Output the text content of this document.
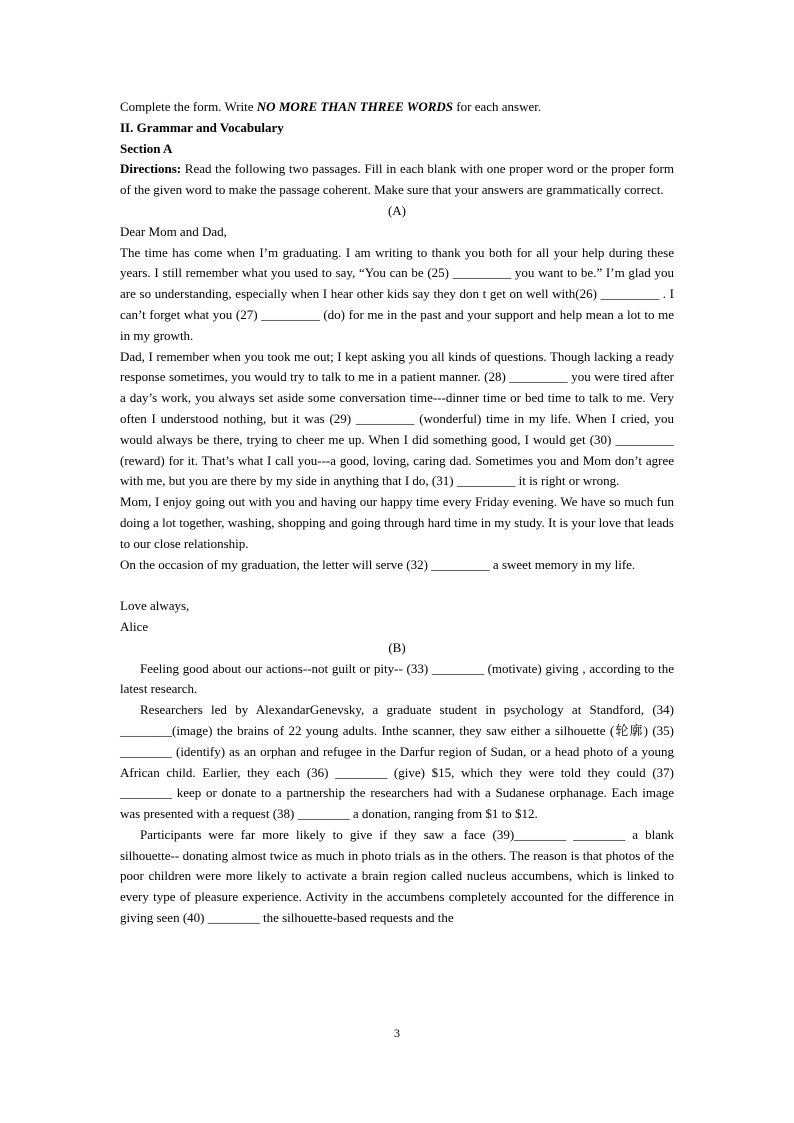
Complete the form. Write NO MORE THAN THREE WORDS for each answer.

II. Grammar and Vocabulary

Section A

Directions: Read the following two passages. Fill in each blank with one proper word or the proper form of the given word to make the passage coherent. Make sure that your answers are grammatically correct.

(A)

Dear Mom and Dad,

The time has come when I’m graduating. I am writing to thank you both for all your help during these years. I still remember what you used to say, “You can be (25) _________ you want to be.” I’m glad you are so understanding, especially when I hear other kids say they don t get on well with(26) _________ . I can’t forget what you (27) _________ (do) for me in the past and your support and help mean a lot to me in my growth.

Dad, I remember when you took me out; I kept asking you all kinds of questions. Though lacking a ready response sometimes, you would try to talk to me in a patient manner. (28) _________ you were tired after a day’s work, you always set aside some conversation time---dinner time or bed time to talk to me. Very often I understood nothing, but it was (29) _________ (wonderful) time in my life. When I cried, you would always be there, trying to cheer me up. When I did something good, I would get (30) _________ (reward) for it. That’s what I call you---a good, loving, caring dad. Sometimes you and Mom don’t agree with me, but you are there by my side in anything that I do, (31) _________ it is right or wrong.

Mom, I enjoy going out with you and having our happy time every Friday evening. We have so much fun doing a lot together, washing, shopping and going through hard time in my study. It is your love that leads to our close relationship.

On the occasion of my graduation, the letter will serve (32) _________ a sweet memory in my life.

Love always,

Alice

(B)

Feeling good about our actions--not guilt or pity-- (33) ________ (motivate) giving , according to the latest research.

Researchers led by AlexandarGenevsky, a graduate student in psychology at Standford, (34) ________(image) the brains of 22 young adults. Inthe scanner, they saw either a silhouette (轮廓) (35) ________ (identify) as an orphan and refugee in the Darfur region of Sudan, or a head photo of a young African child. Earlier, they each (36) ________ (give) $15, which they were told they could (37) ________ keep or donate to a partnership the researchers had with a Sudanese orphanage. Each image was presented with a request (38) ________ a donation, ranging from $1 to $12.

Participants were far more likely to give if they saw a face (39)________ ________ a blank silhouette-- donating almost twice as much in photo trials as in the others. The reason is that photos of the poor children were more likely to activate a brain region called nucleus accumbens, which is linked to every type of pleasure experience. Activity in the accumbens completely accounted for the difference in giving seen (40) ________ the silhouette-based requests and the

3
